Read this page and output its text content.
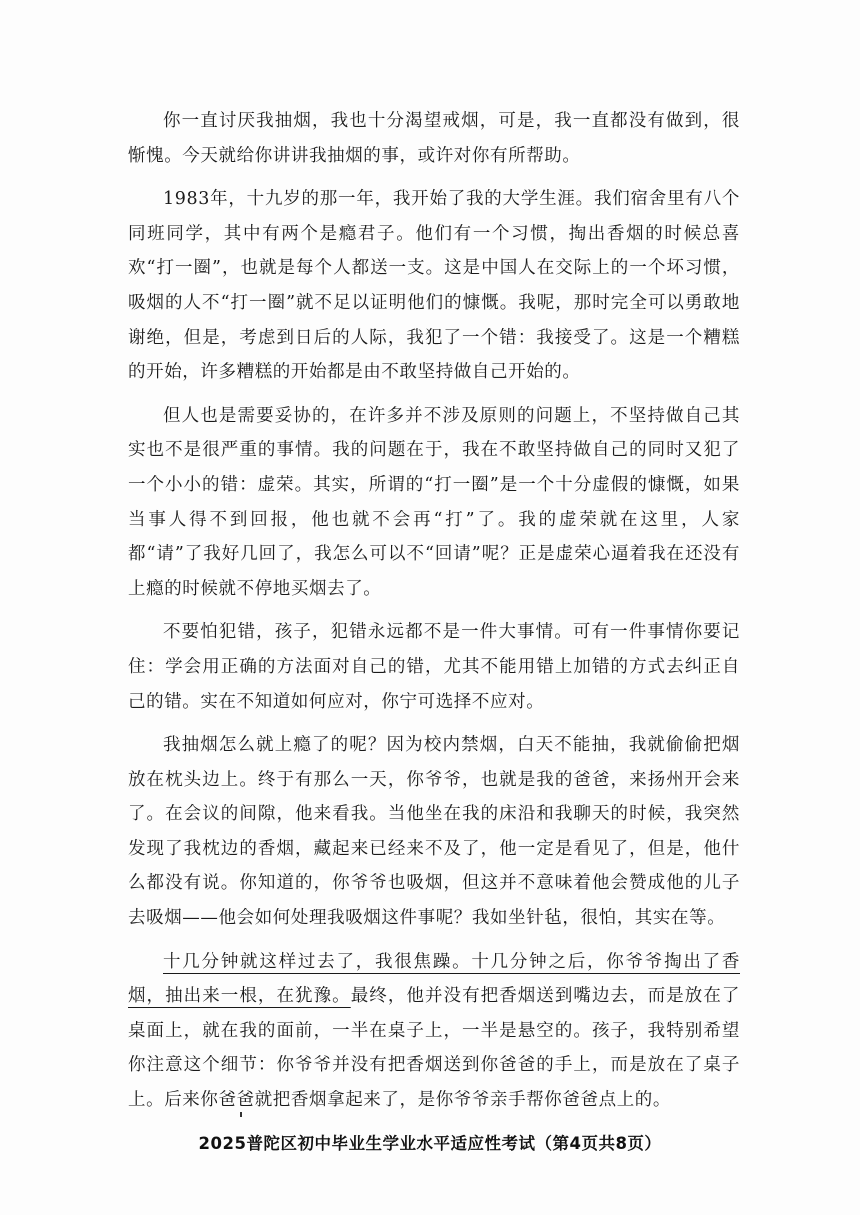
你一直讨厌我抽烟，我也十分渴望戒烟，可是，我一直都没有做到，很惭愧。今天就给你讲讲我抽烟的事，或许对你有所帮助。

1983年，十九岁的那一年，我开始了我的大学生涯。我们宿舍里有八个同班同学，其中有两个是瘾君子。他们有一个习惯，掏出香烟的时候总喜欢“打一圈”，也就是每个人都送一支。这是中国人在交际上的一个坏习惯，吸烟的人不“打一圈”就不足以证明他们的慷慨。我呢，那时完全可以勇敢地谢绝，但是，考虑到日后的人际，我犯了一个错：我接受了。这是一个糟糕的开始，许多糟糕的开始都是由不敢坚持做自己开始的。

但人也是需要妥协的，在许多并不涉及原则的问题上，不坚持做自己其实也不是很严重的事情。我的问题在于，我在不敢坚持做自己的同时又犯了一个小小的错：虚荣。其实，所谓的“打一圈”是一个十分虚假的慷慨，如果当事人得不到回报，他也就不会再“打”了。我的虚荣就在这里，人家都“请”了我好几回了，我怎么可以不“回请”呢？正是虚荣心逼着我在还没有上瘾的时候就不停地买烟去了。

不要怕犯错，孩子，犯错永远都不是一件大事情。可有一件事情你要记住：学会用正确的方法面对自己的错，尤其不能用错上加错的方式去纠正自己的错。实在不知道如何应对，你宁可选择不应对。

我抽烟怎么就上瘾了的呢？因为校内禁烟，白天不能抽，我就偷偷把烟放在枕头边上。终于有那么一天，你爷爷，也就是我的爸爸，来扬州开会来了。在会议的间隙，他来看我。当他坐在我的床沿和我聊天的时候，我突然发现了我枕边的香烟，藏起来已经来不及了，他一定是看见了，但是，他什么都没有说。你知道的，你爷爷也吸烟，但这并不意味着他会赞成他的儿子去吸烟——他会如何处理我吸烟这件事呢？我如坐针毡，很怕，其实在等。

十几分钟就这样过去了，我很焦躁。十几分钟之后，你爷爷掏出了香烟，抽出来一根，在犹豫。最终，他并没有把香烟送到嘴边去，而是放在了桌面上，就在我的面前，一半在桌子上，一半是悬空的。孩子，我特别希望你注意这个细节：你爷爷并没有把香烟送到你爸爸的手上，而是放在了桌子上。后来你爸爸就把香烟拿起来了，是你爷爷亲手帮你爸爸点上的。

2025普陀区初中毕业生学业水平适应性考试（第4页共8页）
